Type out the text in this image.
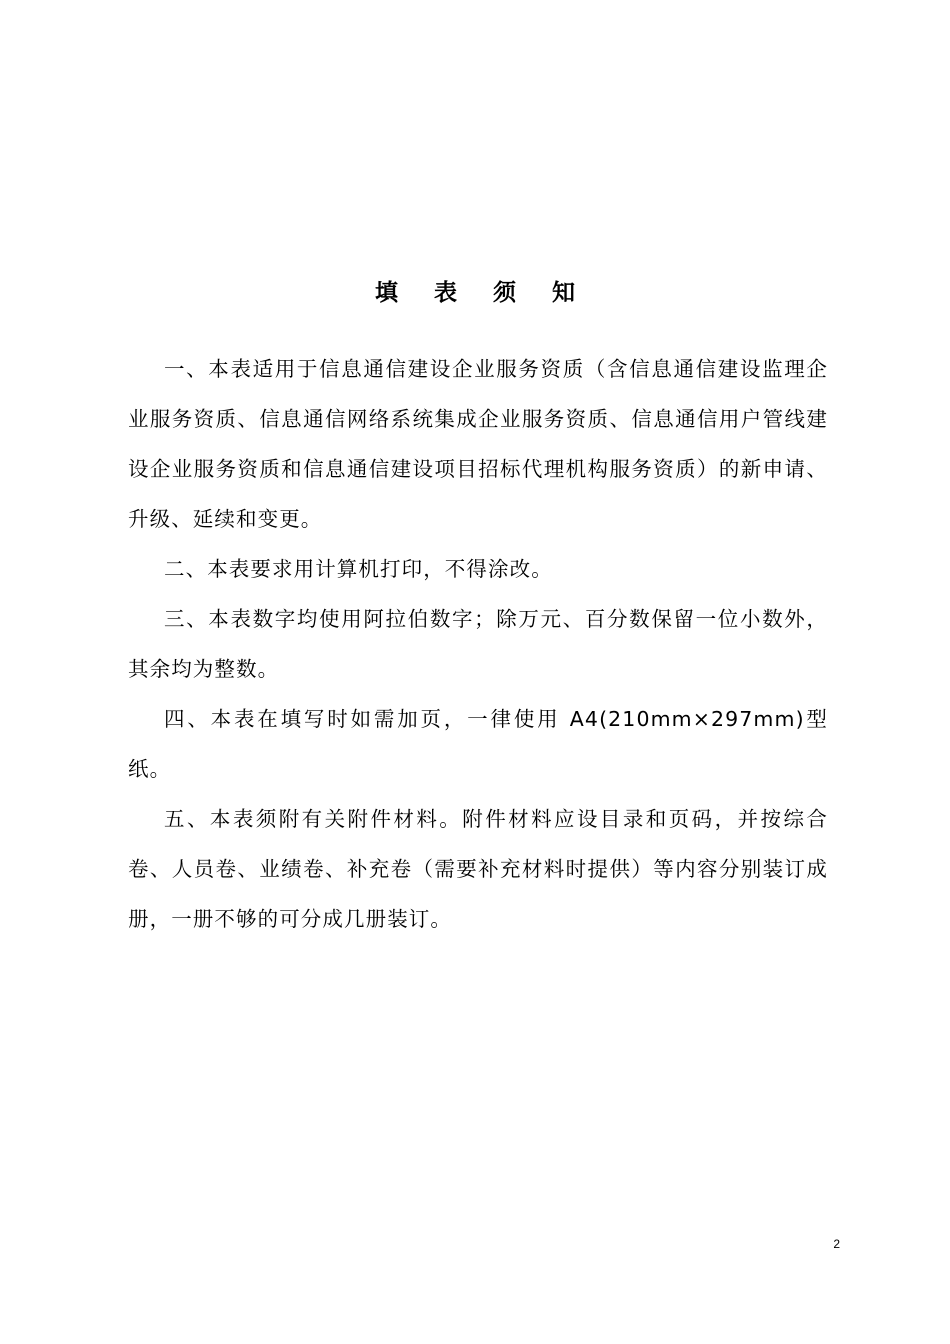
填 表 须 知

一、本表适用于信息通信建设企业服务资质（含信息通信建设监理企业服务资质、信息通信网络系统集成企业服务资质、信息通信用户管线建设企业服务资质和信息通信建设项目招标代理机构服务资质）的新申请、升级、延续和变更。

二、本表要求用计算机打印，不得涂改。

三、本表数字均使用阿拉伯数字；除万元、百分数保留一位小数外，其余均为整数。

四、本表在填写时如需加页，一律使用 A4(210mm×297mm)型纸。

五、本表须附有关附件材料。附件材料应设目录和页码，并按综合卷、人员卷、业绩卷、补充卷（需要补充材料时提供）等内容分别装订成册，一册不够的可分成几册装订。

2
